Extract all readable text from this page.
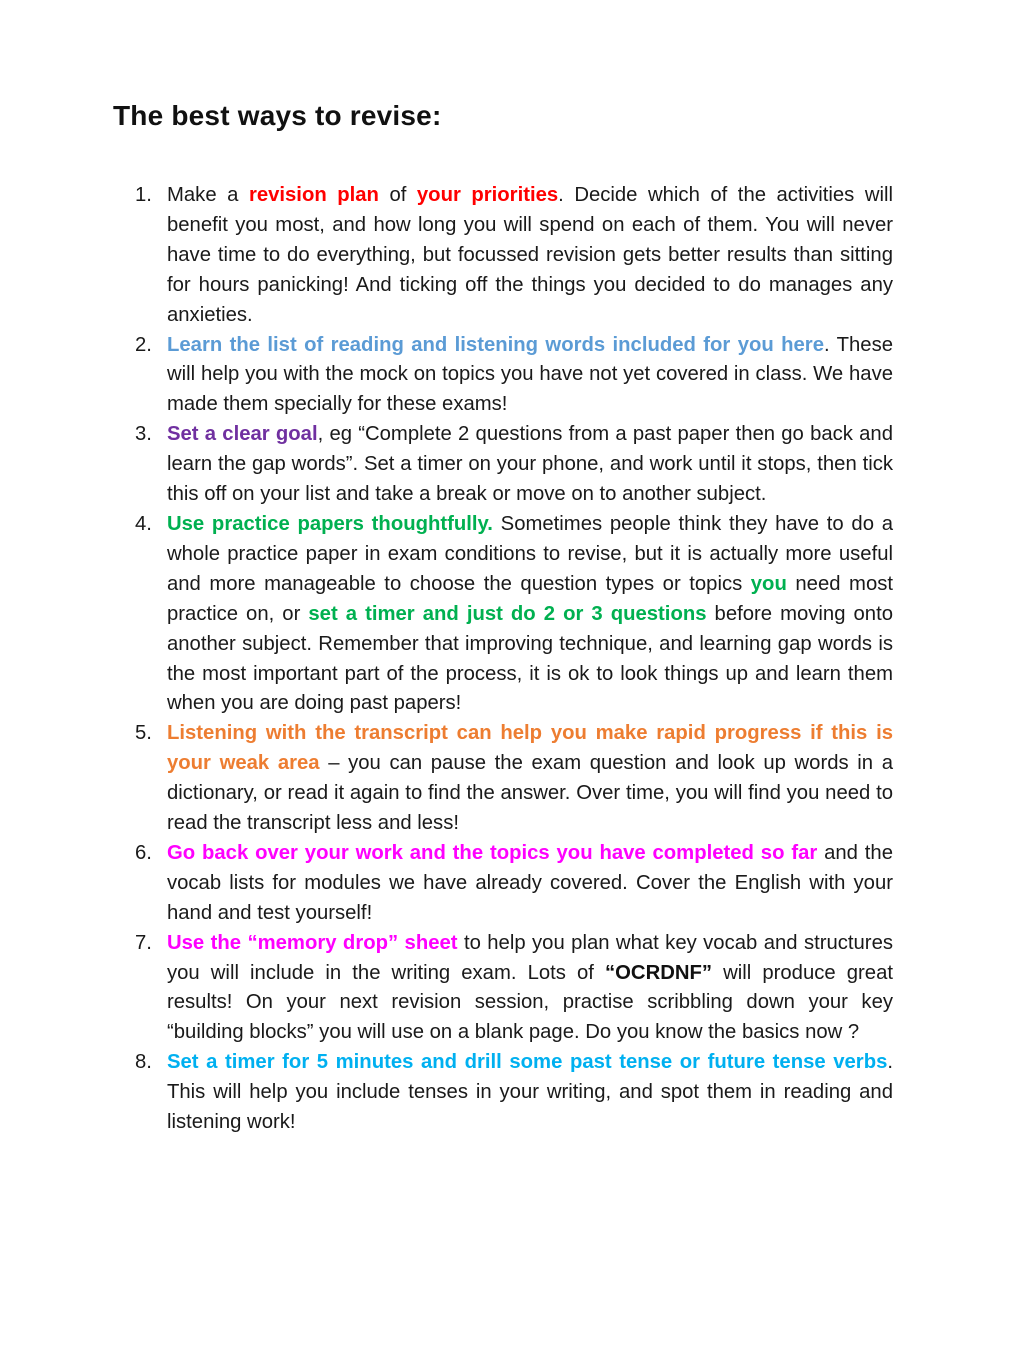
The best ways to revise:
1. Make a revision plan of your priorities. Decide which of the activities will benefit you most, and how long you will spend on each of them. You will never have time to do everything, but focussed revision gets better results than sitting for hours panicking! And ticking off the things you decided to do manages any anxieties.
2. Learn the list of reading and listening words included for you here. These will help you with the mock on topics you have not yet covered in class. We have made them specially for these exams!
3. Set a clear goal, eg “Complete 2 questions from a past paper then go back and learn the gap words”. Set a timer on your phone, and work until it stops, then tick this off on your list and take a break or move on to another subject.
4. Use practice papers thoughtfully. Sometimes people think they have to do a whole practice paper in exam conditions to revise, but it is actually more useful and more manageable to choose the question types or topics you need most practice on, or set a timer and just do 2 or 3 questions before moving onto another subject. Remember that improving technique, and learning gap words is the most important part of the process, it is ok to look things up and learn them when you are doing past papers!
5. Listening with the transcript can help you make rapid progress if this is your weak area – you can pause the exam question and look up words in a dictionary, or read it again to find the answer. Over time, you will find you need to read the transcript less and less!
6. Go back over your work and the topics you have completed so far and the vocab lists for modules we have already covered. Cover the English with your hand and test yourself!
7. Use the “memory drop” sheet to help you plan what key vocab and structures you will include in the writing exam. Lots of “OCRDNF” will produce great results! On your next revision session, practise scribbling down your key “building blocks” you will use on a blank page. Do you know the basics now ?
8. Set a timer for 5 minutes and drill some past tense or future tense verbs. This will help you include tenses in your writing, and spot them in reading and listening work!
